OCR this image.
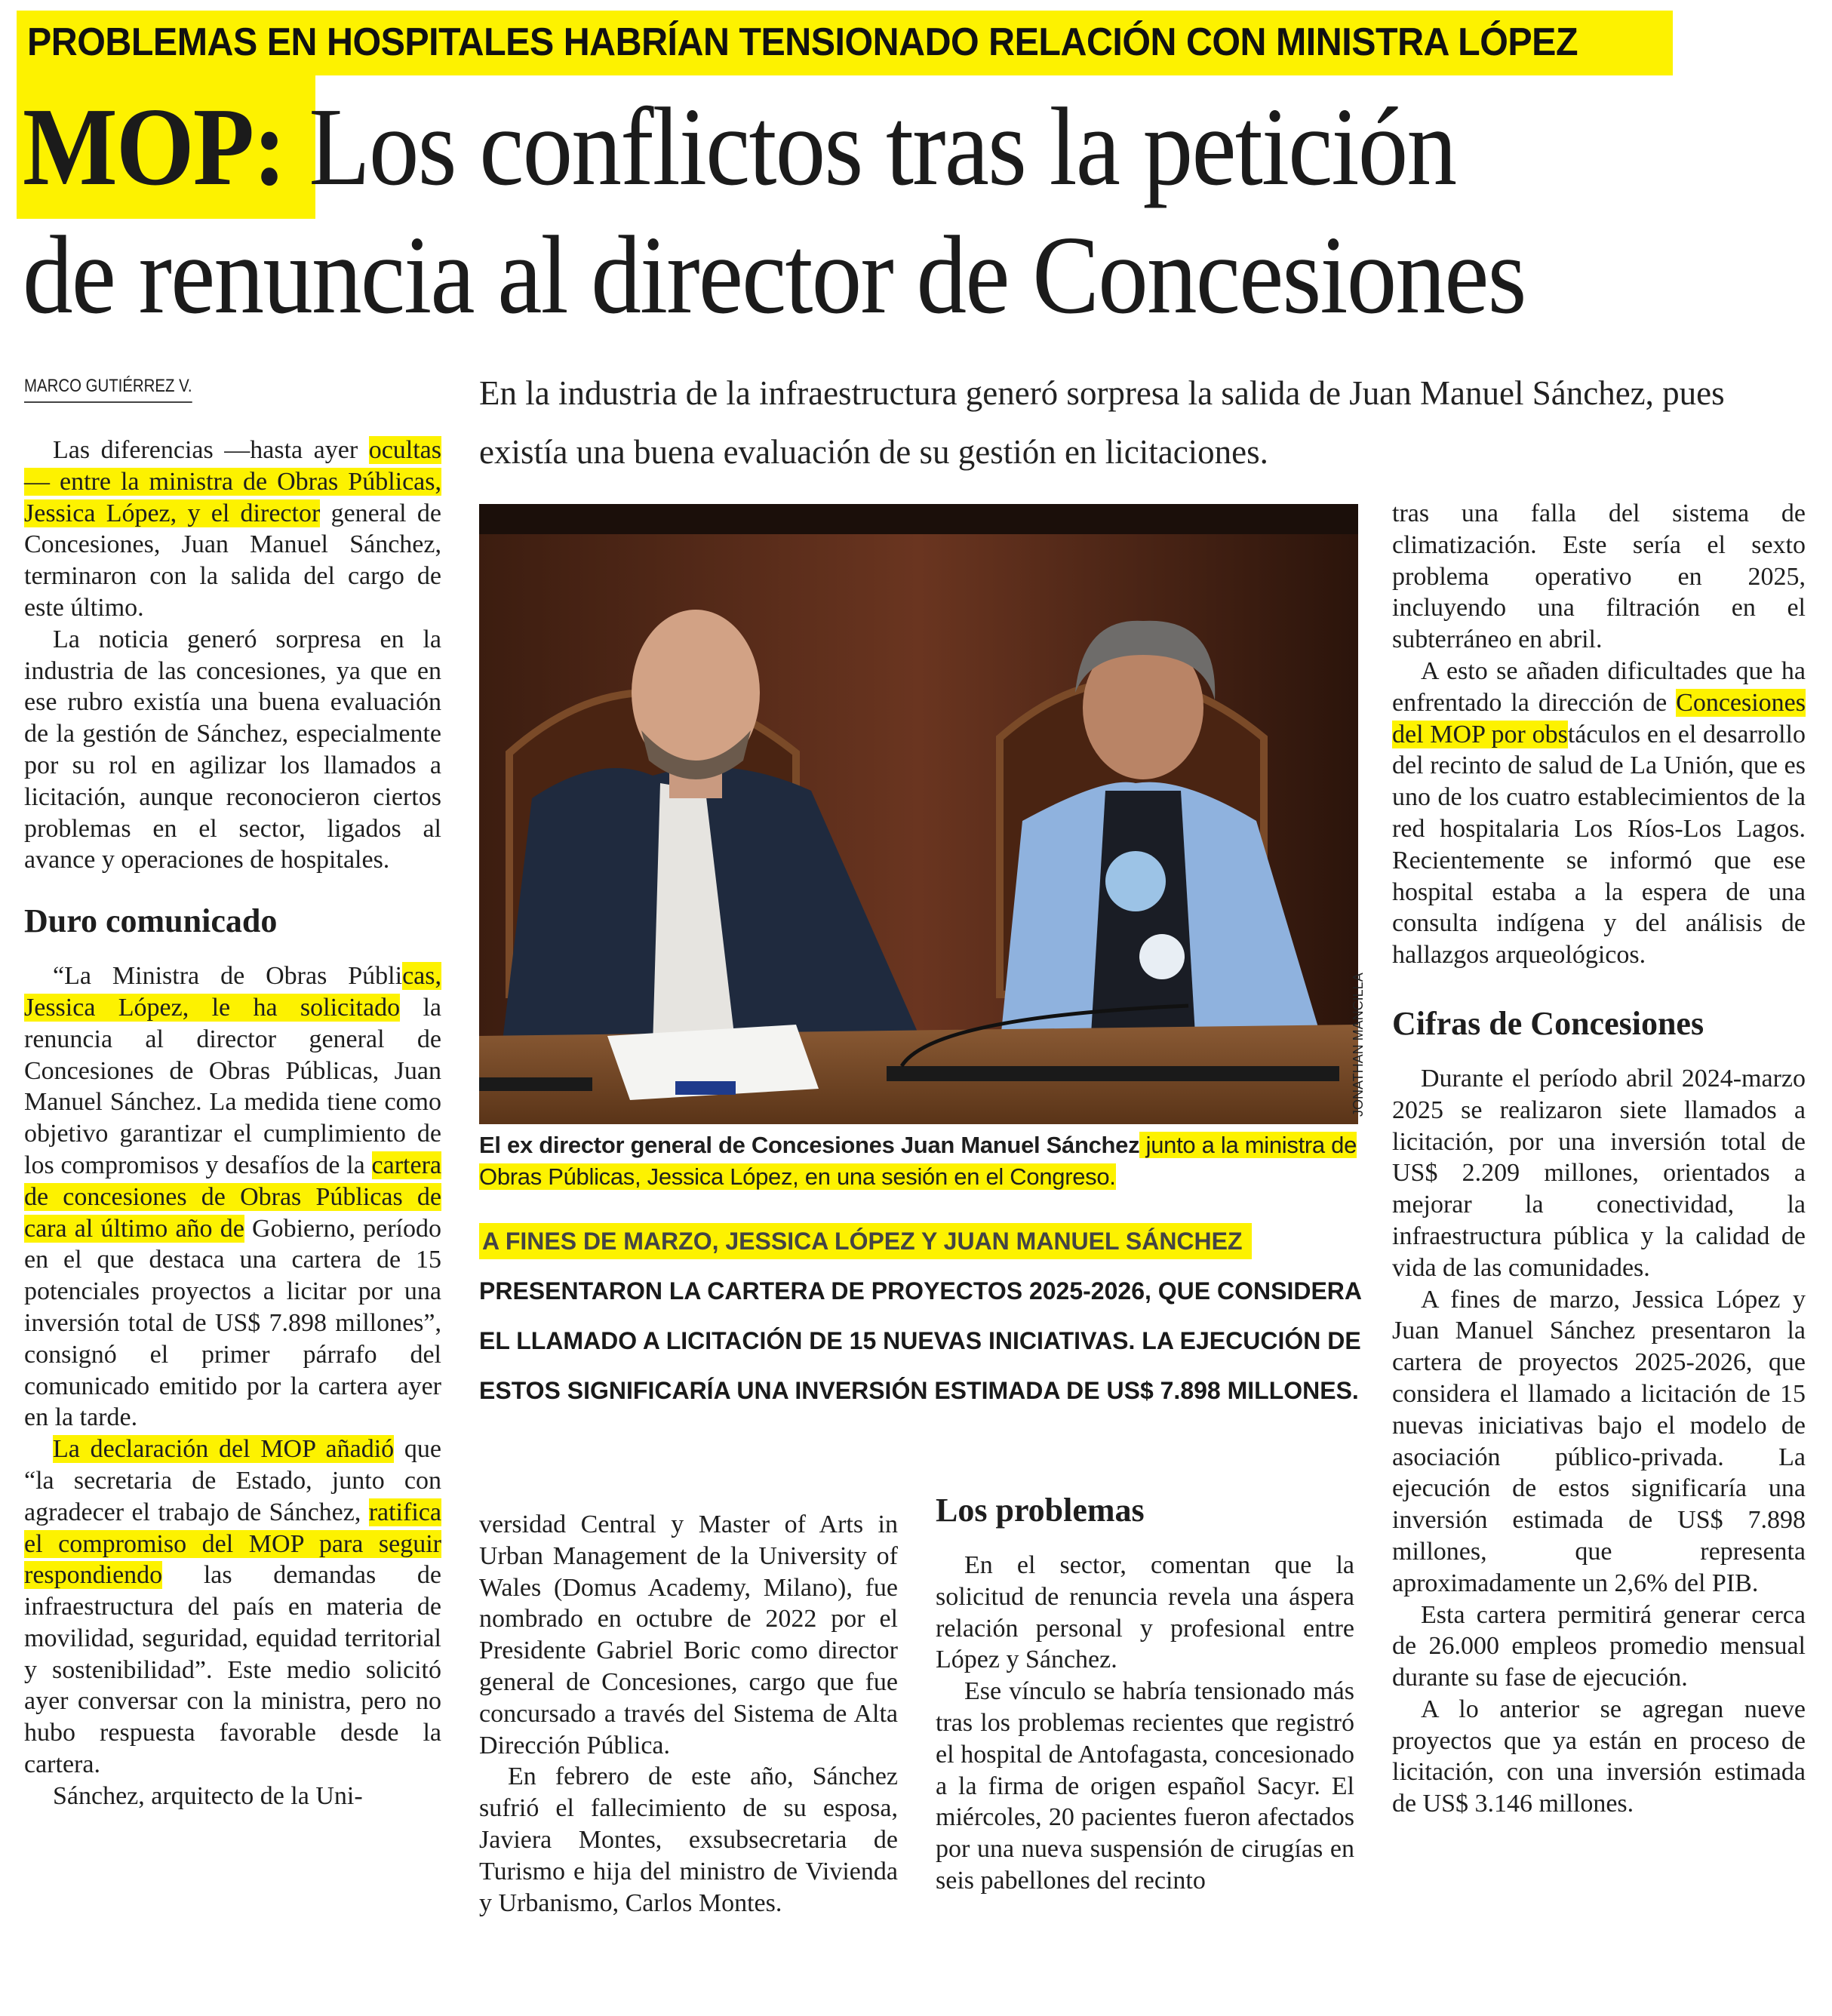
PROBLEMAS EN HOSPITALES HABRÍAN TENSIONADO RELACIÓN CON MINISTRA LÓPEZ
MOP: Los conflictos tras la petición
de renuncia al director de Concesiones
MARCO GUTIÉRREZ V.	En la industria de la infraestructura generó sorpresa la salida de Juan Manuel Sánchez, pues existía una buena evaluación de su gestión en licitaciones.

Las diferencias —hasta ayer ocultas— entre la ministra de Obras Públicas, Jessica López, y el director general de Concesiones, Juan Manuel Sánchez, terminaron con la salida del cargo de este último.

La noticia generó sorpresa en la industria de las concesiones, ya que en ese rubro existía una buena evaluación de la gestión de Sánchez, especialmente por su rol en agilizar los llamados a licitación, aunque reconocieron ciertos problemas en el sector, ligados al avance y operaciones de hospitales.

Duro comunicado

“La Ministra de Obras Públicas, Jessica López, le ha solicitado la renuncia al director general de Concesiones de Obras Públicas, Juan Manuel Sánchez. La medida tiene como objetivo garantizar el cumplimiento de los compromisos y desafíos de la cartera de concesiones de Obras Públicas de cara al último año de Gobierno, período en el que destaca una cartera de 15 potenciales proyectos a licitar por una inversión total de US$ 7.898 millones”, consignó el primer párrafo del comunicado emitido por la cartera ayer en la tarde.

La declaración del MOP añadió que “la secretaria de Estado, junto con agradecer el trabajo de Sánchez, ratifica el compromiso del MOP para seguir respondiendo las demandas de infraestructura del país en materia de movilidad, seguridad, equidad territorial y sostenibilidad”. Este medio solicitó ayer conversar con la ministra, pero no hubo respuesta favorable desde la cartera.

Sánchez, arquitecto de la Uni-

JONATHAN MANCILLA
El ex director general de Concesiones Juan Manuel Sánchez junto a la ministra de Obras Públicas, Jessica López, en una sesión en el Congreso.
A FINES DE MARZO, JESSICA LÓPEZ Y JUAN MANUEL SÁNCHEZ PRESENTARON LA CARTERA DE PROYECTOS 2025-2026, QUE CONSIDERA EL LLAMADO A LICITACIÓN DE 15 NUEVAS INICIATIVAS. LA EJECUCIÓN DE ESTOS SIGNIFICARÍA UNA INVERSIÓN ESTIMADA DE US$ 7.898 MILLONES.

versidad Central y Master of Arts in Urban Management de la University of Wales (Domus Academy, Milano), fue nombrado en octubre de 2022 por el Presidente Gabriel Boric como director general de Concesiones, cargo que fue concursado a través del Sistema de Alta Dirección Pública.

En febrero de este año, Sánchez sufrió el fallecimiento de su esposa, Javiera Montes, exsubsecretaria de Turismo e hija del ministro de Vivienda y Urbanismo, Carlos Montes.

Los problemas

En el sector, comentan que la solicitud de renuncia revela una áspera relación personal y profesional entre López y Sánchez.

Ese vínculo se habría tensionado más tras los problemas recientes que registró el hospital de Antofagasta, concesionado a la firma de origen español Sacyr. El miércoles, 20 pacientes fueron afectados por una nueva suspensión de cirugías en seis pabellones del recinto

tras una falla del sistema de climatización. Este sería el sexto problema operativo en 2025, incluyendo una filtración en el subterráneo en abril.

A esto se añaden dificultades que ha enfrentado la dirección de Concesiones del MOP por obstáculos en el desarrollo del recinto de salud de La Unión, que es uno de los cuatro establecimientos de la red hospitalaria Los Ríos-Los Lagos. Recientemente se informó que ese hospital estaba a la espera de una consulta indígena y del análisis de hallazgos arqueológicos.

Cifras de Concesiones

Durante el período abril 2024-marzo 2025 se realizaron siete llamados a licitación, por una inversión total de US$ 2.209 millones, orientados a mejorar la conectividad, la infraestructura pública y la calidad de vida de las comunidades.

A fines de marzo, Jessica López y Juan Manuel Sánchez presentaron la cartera de proyectos 2025-2026, que considera el llamado a licitación de 15 nuevas iniciativas bajo el modelo de asociación público-privada. La ejecución de estos significaría una inversión estimada de US$ 7.898 millones, que representa aproximadamente un 2,6% del PIB.

Esta cartera permitirá generar cerca de 26.000 empleos promedio mensual durante su fase de ejecución.

A lo anterior se agregan nueve proyectos que ya están en proceso de licitación, con una inversión estimada de US$ 3.146 millones.
